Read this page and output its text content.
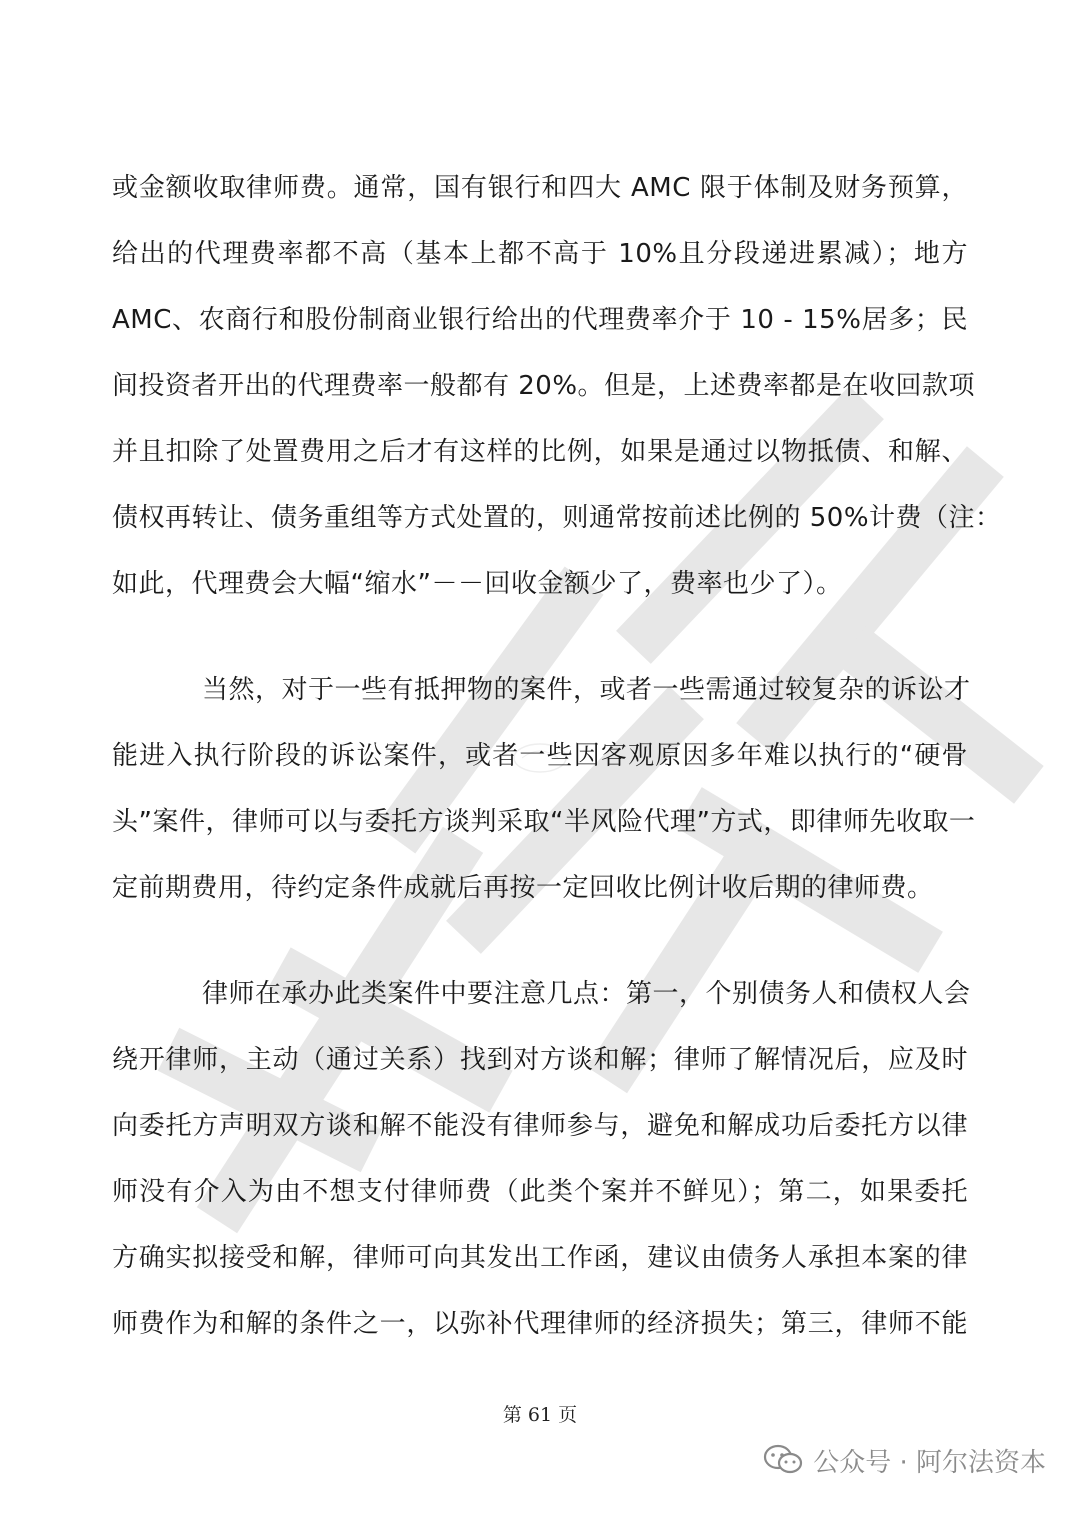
或金额收取律师费。通常，国有银行和四大 AMC 限于体制及财务预算，
给出的代理费率都不高（基本上都不高于 10%且分段递进累减）；地方
AMC、农商行和股份制商业银行给出的代理费率介于 10 - 15%居多；民
间投资者开出的代理费率一般都有 20%。但是，上述费率都是在收回款项
并且扣除了处置费用之后才有这样的比例，如果是通过以物抵债、和解、
债权再转让、债务重组等方式处置的，则通常按前述比例的 50%计费（注：
如此，代理费会大幅“缩水”－－回收金额少了，费率也少了）。
当然，对于一些有抵押物的案件，或者一些需通过较复杂的诉讼才
能进入执行阶段的诉讼案件，或者一些因客观原因多年难以执行的“硬骨
头”案件，律师可以与委托方谈判采取“半风险代理”方式，即律师先收取一
定前期费用，待约定条件成就后再按一定回收比例计收后期的律师费。
律师在承办此类案件中要注意几点：第一，个别债务人和债权人会
绕开律师，主动（通过关系）找到对方谈和解；律师了解情况后，应及时
向委托方声明双方谈和解不能没有律师参与，避免和解成功后委托方以律
师没有介入为由不想支付律师费（此类个案并不鲜见）；第二，如果委托
方确实拟接受和解，律师可向其发出工作函，建议由债务人承担本案的律
师费作为和解的条件之一，以弥补代理律师的经济损失；第三，律师不能
第 61 页
公众号 · 阿尔法资本
